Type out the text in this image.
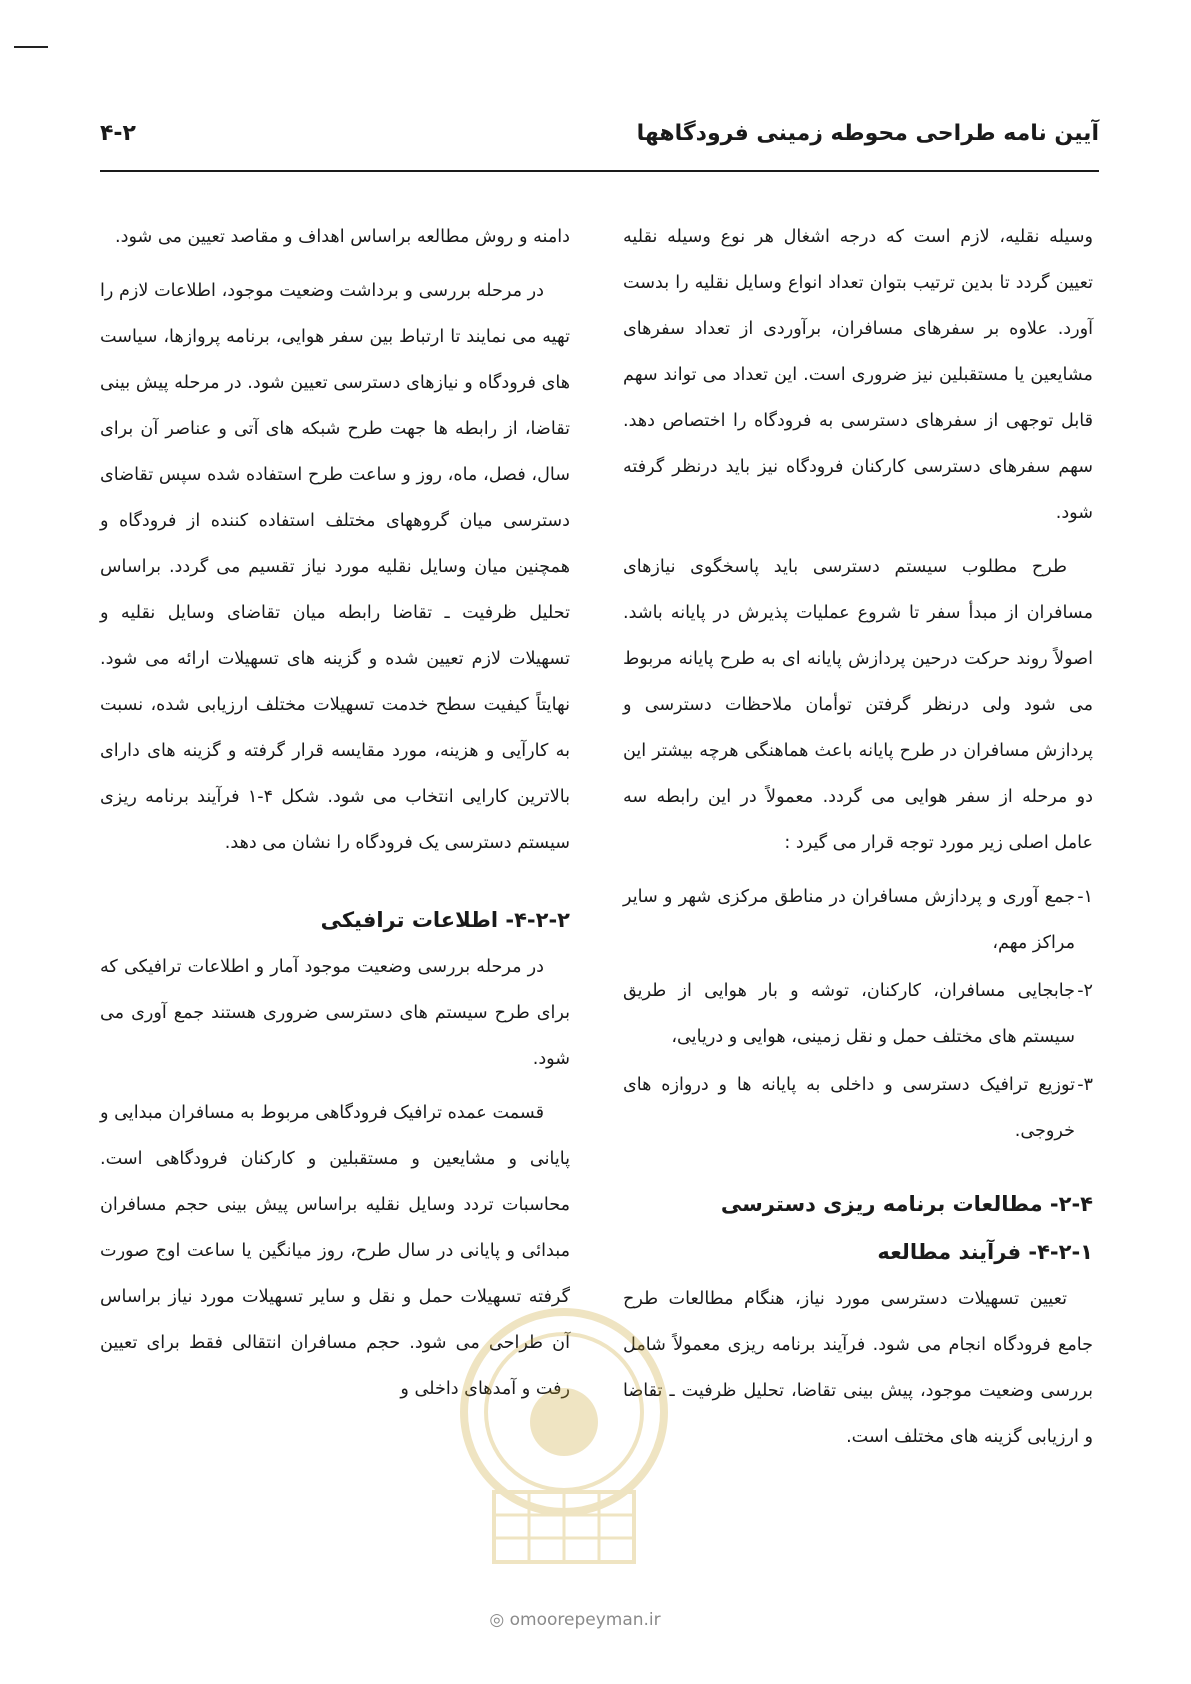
آیین نامه طراحی محوطه زمینی فرودگاهها
۴-۲

وسیله نقلیه، لازم است که درجه اشغال هر نوع وسیله نقلیه تعیین گردد تا بدین ترتیب بتوان تعداد انواع وسایل نقلیه را بدست آورد. علاوه بر سفرهای مسافران، برآوردی از تعداد سفرهای مشایعین یا مستقبلین نیز ضروری است. این تعداد می تواند سهم قابل توجهی از سفرهای دسترسی به فرودگاه را اختصاص دهد. سهم سفرهای دسترسی کارکنان فرودگاه نیز باید درنظر گرفته شود.

طرح مطلوب سیستم دسترسی باید پاسخگوی نیازهای مسافران از مبدأ سفر تا شروع عملیات پذیرش در پایانه باشد. اصولاً روند حرکت درحین پردازش پایانه ای به طرح پایانه مربوط می شود ولی درنظر گرفتن توأمان ملاحظات دسترسی و پردازش مسافران در طرح پایانه باعث هماهنگی هرچه بیشتر این دو مرحله از سفر هوایی می گردد. معمولاً در این رابطه سه عامل اصلی زیر مورد توجه قرار می گیرد :

۱-
جمع آوری و پردازش مسافران در مناطق مرکزی شهر و سایر مراکز مهم،
۲-
جابجایی مسافران، کارکنان، توشه و بار هوایی از طریق سیستم های مختلف حمل و نقل زمینی، هوایی و دریایی،
۳-
توزیع ترافیک دسترسی و داخلی به پایانه ها و دروازه های خروجی.
۲-۴- مطالعات برنامه ریزی دسترسی
۴-۲-۱- فرآیند مطالعه

تعیین تسهیلات دسترسی مورد نیاز، هنگام مطالعات طرح جامع فرودگاه انجام می شود. فرآیند برنامه ریزی معمولاً شامل بررسی وضعیت موجود، پیش بینی تقاضا، تحلیل ظرفیت ـ تقاضا و ارزیابی گزینه های مختلف است.

دامنه و روش مطالعه براساس اهداف و مقاصد تعیین می شود.

در مرحله بررسی و برداشت وضعیت موجود، اطلاعات لازم را تهیه می نمایند تا ارتباط بین سفر هوایی، برنامه پروازها، سیاست های فرودگاه و نیازهای دسترسی تعیین شود. در مرحله پیش بینی تقاضا، از رابطه ها جهت طرح شبکه های آتی و عناصر آن برای سال، فصل، ماه، روز و ساعت طرح استفاده شده سپس تقاضای دسترسی میان گروههای مختلف استفاده کننده از فرودگاه و همچنین میان وسایل نقلیه مورد نیاز تقسیم می گردد. براساس تحلیل ظرفیت ـ تقاضا رابطه میان تقاضای وسایل نقلیه و تسهیلات لازم تعیین شده و گزینه های تسهیلات ارائه می شود. نهایتاً کیفیت سطح خدمت تسهیلات مختلف ارزیابی شده، نسبت به کارآیی و هزینه، مورد مقایسه قرار گرفته و گزینه های دارای بالاترین کارایی انتخاب می شود. شکل ۴-۱ فرآیند برنامه ریزی سیستم دسترسی یک فرودگاه را نشان می دهد.

۴-۲-۲- اطلاعات ترافیکی

در مرحله بررسی وضعیت موجود آمار و اطلاعات ترافیکی که برای طرح سیستم های دسترسی ضروری هستند جمع آوری می شود.

قسمت عمده ترافیک فرودگاهی مربوط به مسافران مبدایی و پایانی و مشایعین و مستقبلین و کارکنان فرودگاهی است. محاسبات تردد وسایل نقلیه براساس پیش بینی حجم مسافران مبدائی و پایانی در سال طرح، روز میانگین یا ساعت اوج صورت گرفته تسهیلات حمل و نقل و سایر تسهیلات مورد نیاز براساس آن طراحی می شود. حجم مسافران انتقالی فقط برای تعیین رفت و آمدهای داخلی و

◎ omoorepeyman.ir
